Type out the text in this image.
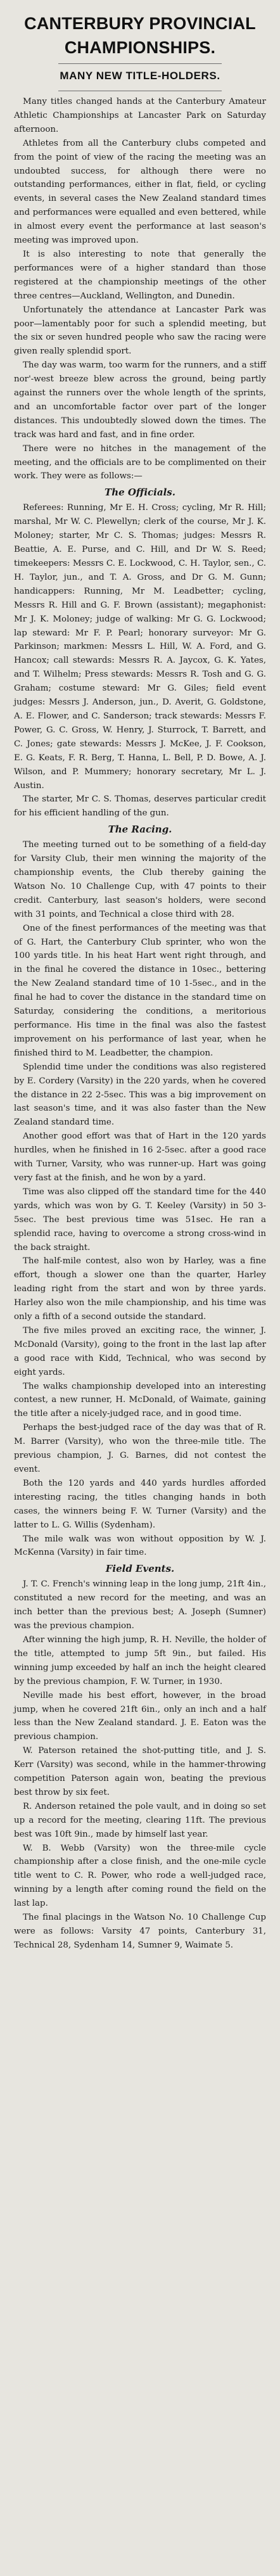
CANTERBURY PROVINCIAL CHAMPIONSHIPS.
MANY NEW TITLE-HOLDERS.

Many titles changed hands at the Canterbury Amateur Athletic Championships at Lancaster Park on Saturday afternoon.

Athletes from all the Canterbury clubs competed and from the point of view of the racing the meeting was an undoubted success, for although there were no outstanding performances, either in flat, field, or cycling events, in several cases the New Zealand standard times and performances were equalled and even bettered, while in almost every event the performance at last season's meeting was improved upon.

It is also interesting to note that generally the performances were of a higher standard than those registered at the championship meetings of the other three centres—Auckland, Wellington, and Dunedin.

Unfortunately the attendance at Lancaster Park was poor—lamentably poor for such a splendid meeting, but the six or seven hundred people who saw the racing were given really splendid sport.

The day was warm, too warm for the runners, and a stiff nor'-west breeze blew across the ground, being partly against the runners over the whole length of the sprints, and an uncomfortable factor over part of the longer distances. This undoubtedly slowed down the times. The track was hard and fast, and in fine order.

There were no hitches in the management of the meeting, and the officials are to be complimented on their work. They were as follows:—

The Officials.

Referees: Running, Mr E. H. Cross; cycling, Mr R. Hill; marshal, Mr W. C. Plewellyn; clerk of the course, Mr J. K. Moloney; starter, Mr C. S. Thomas; judges: Messrs R. Beattie, A. E. Purse, and C. Hill, and Dr W. S. Reed; timekeepers: Messrs C. E. Lockwood, C. H. Taylor, sen., C. H. Taylor, jun., and T. A. Gross, and Dr G. M. Gunn; handicappers: Running, Mr M. Leadbetter; cycling, Messrs R. Hill and G. F. Brown (assistant); megaphonist: Mr J. K. Moloney; judge of walking: Mr G. G. Lockwood; lap steward: Mr F. P. Pearl; honorary surveyor: Mr G. Parkinson; markmen: Messrs L. Hill, W. A. Ford, and G. Hancox; call stewards: Messrs R. A. Jaycox, G. K. Yates, and T. Wilhelm; Press stewards: Messrs R. Tosh and G. G. Graham; costume steward: Mr G. Giles; field event judges: Messrs J. Anderson, jun., D. Averit, G. Goldstone, A. E. Flower, and C. Sanderson; track stewards: Messrs F. Power, G. C. Gross, W. Henry, J. Sturrock, T. Barrett, and C. Jones; gate stewards: Messrs J. McKee, J. F. Cookson, E. G. Keats, F. R. Berg, T. Hanna, L. Bell, P. D. Bowe, A. J. Wilson, and P. Mummery; honorary secretary, Mr L. J. Austin.

The starter, Mr C. S. Thomas, deserves particular credit for his efficient handling of the gun.

The Racing.

The meeting turned out to be something of a field-day for Varsity Club, their men winning the majority of the championship events, the Club thereby gaining the Watson No. 10 Challenge Cup, with 47 points to their credit. Canterbury, last season's holders, were second with 31 points, and Technical a close third with 28.

One of the finest performances of the meeting was that of G. Hart, the Canterbury Club sprinter, who won the 100 yards title. In his heat Hart went right through, and in the final he covered the distance in 10sec., bettering the New Zealand standard time of 10 1-5sec., and in the final he had to cover the distance in the standard time on Saturday, considering the conditions, a meritorious performance. His time in the final was also the fastest improvement on his performance of last year, when he finished third to M. Leadbetter, the champion.

Splendid time under the conditions was also registered by E. Cordery (Varsity) in the 220 yards, when he covered the distance in 22 2-5sec. This was a big improvement on last season's time, and it was also faster than the New Zealand standard time.

Another good effort was that of Hart in the 120 yards hurdles, when he finished in 16 2-5sec. after a good race with Turner, Varsity, who was runner-up. Hart was going very fast at the finish, and he won by a yard.

Time was also clipped off the standard time for the 440 yards, which was won by G. T. Keeley (Varsity) in 50 3-5sec. The best previous time was 51sec. He ran a splendid race, having to overcome a strong cross-wind in the back straight.

The half-mile contest, also won by Harley, was a fine effort, though a slower one than the quarter, Harley leading right from the start and won by three yards. Harley also won the mile championship, and his time was only a fifth of a second outside the standard.

The five miles proved an exciting race, the winner, J. McDonald (Varsity), going to the front in the last lap after a good race with Kidd, Technical, who was second by eight yards.

The walks championship developed into an interesting contest, a new runner, H. McDonald, of Waimate, gaining the title after a nicely-judged race, and in good time.

Perhaps the best-judged race of the day was that of R. M. Barrer (Varsity), who won the three-mile title. The previous champion, J. G. Barnes, did not contest the event.

Both the 120 yards and 440 yards hurdles afforded interesting racing, the titles changing hands in both cases, the winners being F. W. Turner (Varsity) and the latter to L. G. Willis (Sydenham).

The mile walk was won without opposition by W. J. McKenna (Varsity) in fair time.

Field Events.

J. T. C. French's winning leap in the long jump, 21ft 4in., constituted a new record for the meeting, and was an inch better than the previous best; A. Joseph (Sumner) was the previous champion.

After winning the high jump, R. H. Neville, the holder of the title, attempted to jump 5ft 9in., but failed. His winning jump exceeded by half an inch the height cleared by the previous champion, F. W. Turner, in 1930.

Neville made his best effort, however, in the broad jump, when he covered 21ft 6in., only an inch and a half less than the New Zealand standard. J. E. Eaton was the previous champion.

W. Paterson retained the shot-putting title, and J. S. Kerr (Varsity) was second, while in the hammer-throwing competition Paterson again won, beating the previous best throw by six feet.

R. Anderson retained the pole vault, and in doing so set up a record for the meeting, clearing 11ft. The previous best was 10ft 9in., made by himself last year.

W. B. Webb (Varsity) won the three-mile cycle championship after a close finish, and the one-mile cycle title went to C. R. Power, who rode a well-judged race, winning by a length after coming round the field on the last lap.

The final placings in the Watson No. 10 Challenge Cup were as follows: Varsity 47 points, Canterbury 31, Technical 28, Sydenham 14, Sumner 9, Waimate 5.
